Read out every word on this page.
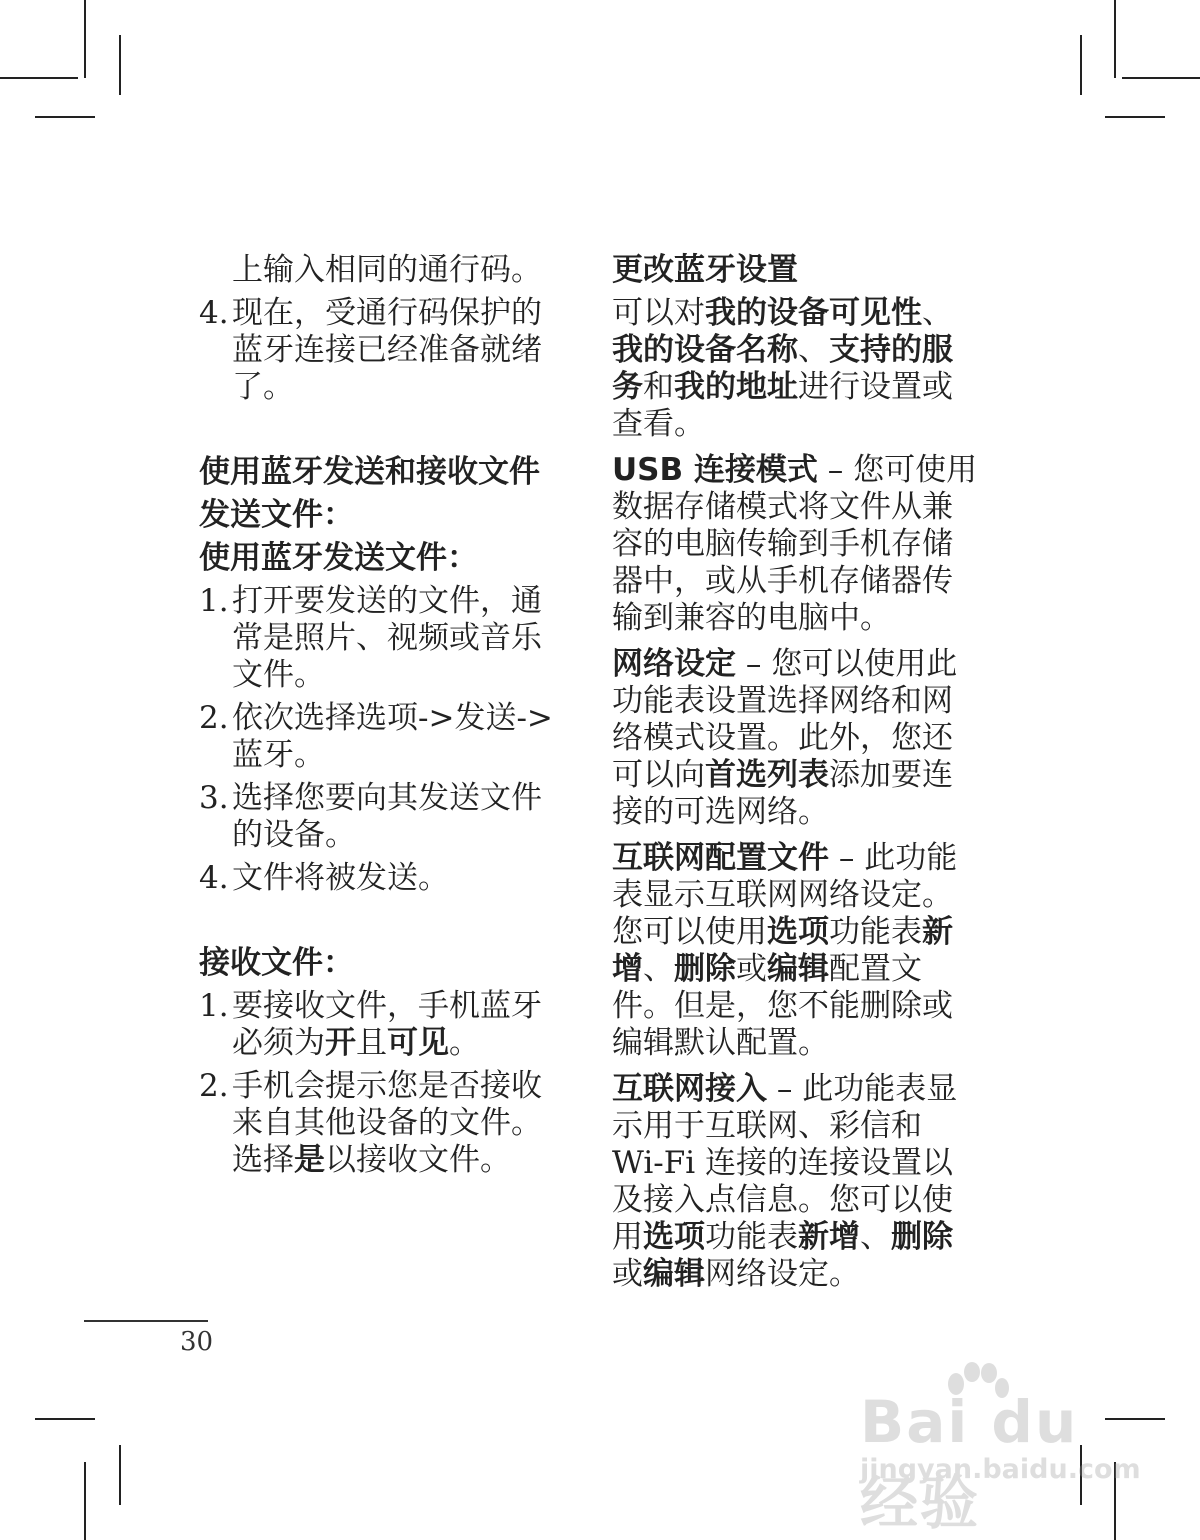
上输入相同的通行码。
4. 现在，受通行码保护的蓝牙连接已经准备就绪了。
使用蓝牙发送和接收文件
发送文件：
使用蓝牙发送文件：
1. 打开要发送的文件，通常是照片、视频或音乐文件。
2. 依次选择选项->发送->蓝牙。
3. 选择您要向其发送文件的设备。
4. 文件将被发送。
接收文件：
1. 要接收文件，手机蓝牙必须为开且可见。
2. 手机会提示您是否接收来自其他设备的文件。选择是以接收文件。
更改蓝牙设置
可以对我的设备可见性、我的设备名称、支持的服务和我的地址进行设置或查看。
USB 连接模式 – 您可使用数据存储模式将文件从兼容的电脑传输到手机存储器中，或从手机存储器传输到兼容的电脑中。
网络设定 – 您可以使用此功能表设置选择网络和网络模式设置。此外，您还可以向首选列表添加要连接的可选网络。
互联网配置文件 – 此功能表显示互联网网络设定。您可以使用选项功能表新增、删除或编辑配置文件。但是，您不能删除或编辑默认配置。
互联网接入 – 此功能表显示用于互联网、彩信和 Wi-Fi 连接的连接设置以及接入点信息。您可以使用选项功能表新增、删除或编辑网络设定。
30
Bai du 经验
jingyan.baidu.com
